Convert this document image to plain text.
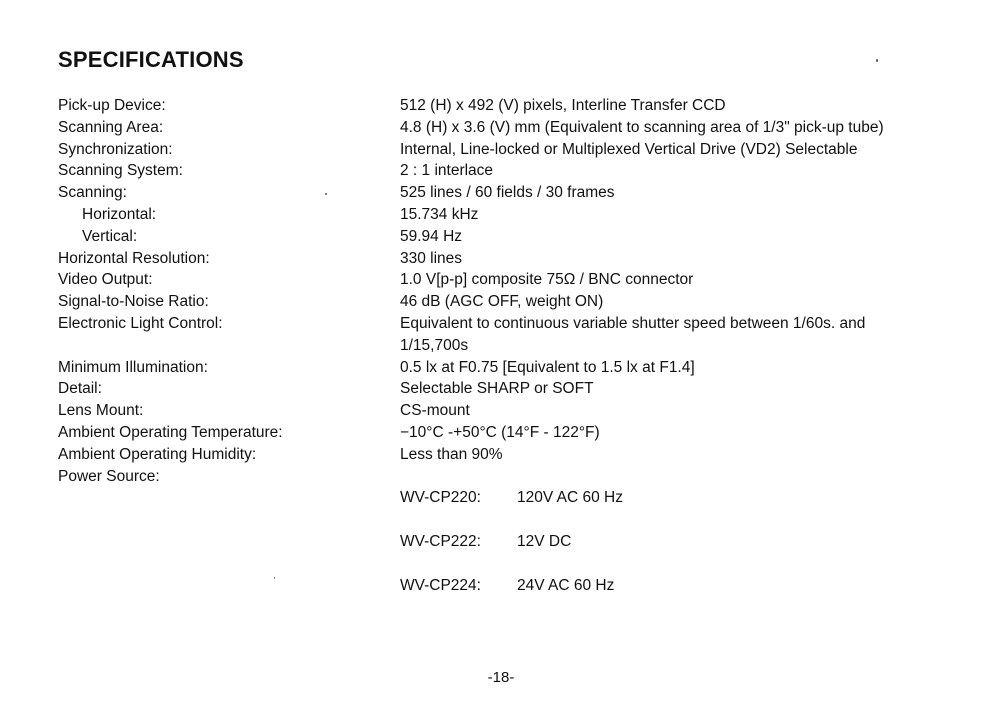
SPECIFICATIONS
Pick-up Device:	512 (H) x 492 (V) pixels, Interline Transfer CCD
Scanning Area:	4.8 (H) x 3.6 (V) mm (Equivalent to scanning area of 1/3" pick-up tube)
Synchronization:	Internal, Line-locked or Multiplexed Vertical Drive (VD2) Selectable
Scanning System:	2 : 1 interlace
Scanning:	525 lines / 60 fields / 30 frames
Horizontal:	15.734 kHz
Vertical:	59.94 Hz
Horizontal Resolution:	330 lines
Video Output:	1.0 V[p-p] composite 75Ω / BNC connector
Signal-to-Noise Ratio:	46 dB (AGC OFF, weight ON)
Electronic Light Control:	Equivalent to continuous variable shutter speed between 1/60s. and
1/15,700s
Minimum Illumination:	0.5 lx at F0.75 [Equivalent to 1.5 lx at F1.4]
Detail:	Selectable SHARP or SOFT
Lens Mount:	CS-mount
Ambient Operating Temperature:	−10°C -+50°C (14°F - 122°F)
Ambient Operating Humidity:	Less than 90%
Power Source:

WV-CP220:	120V AC 60 Hz

WV-CP222:	12V DC

WV-CP224:	24V AC 60 Hz

-18-
